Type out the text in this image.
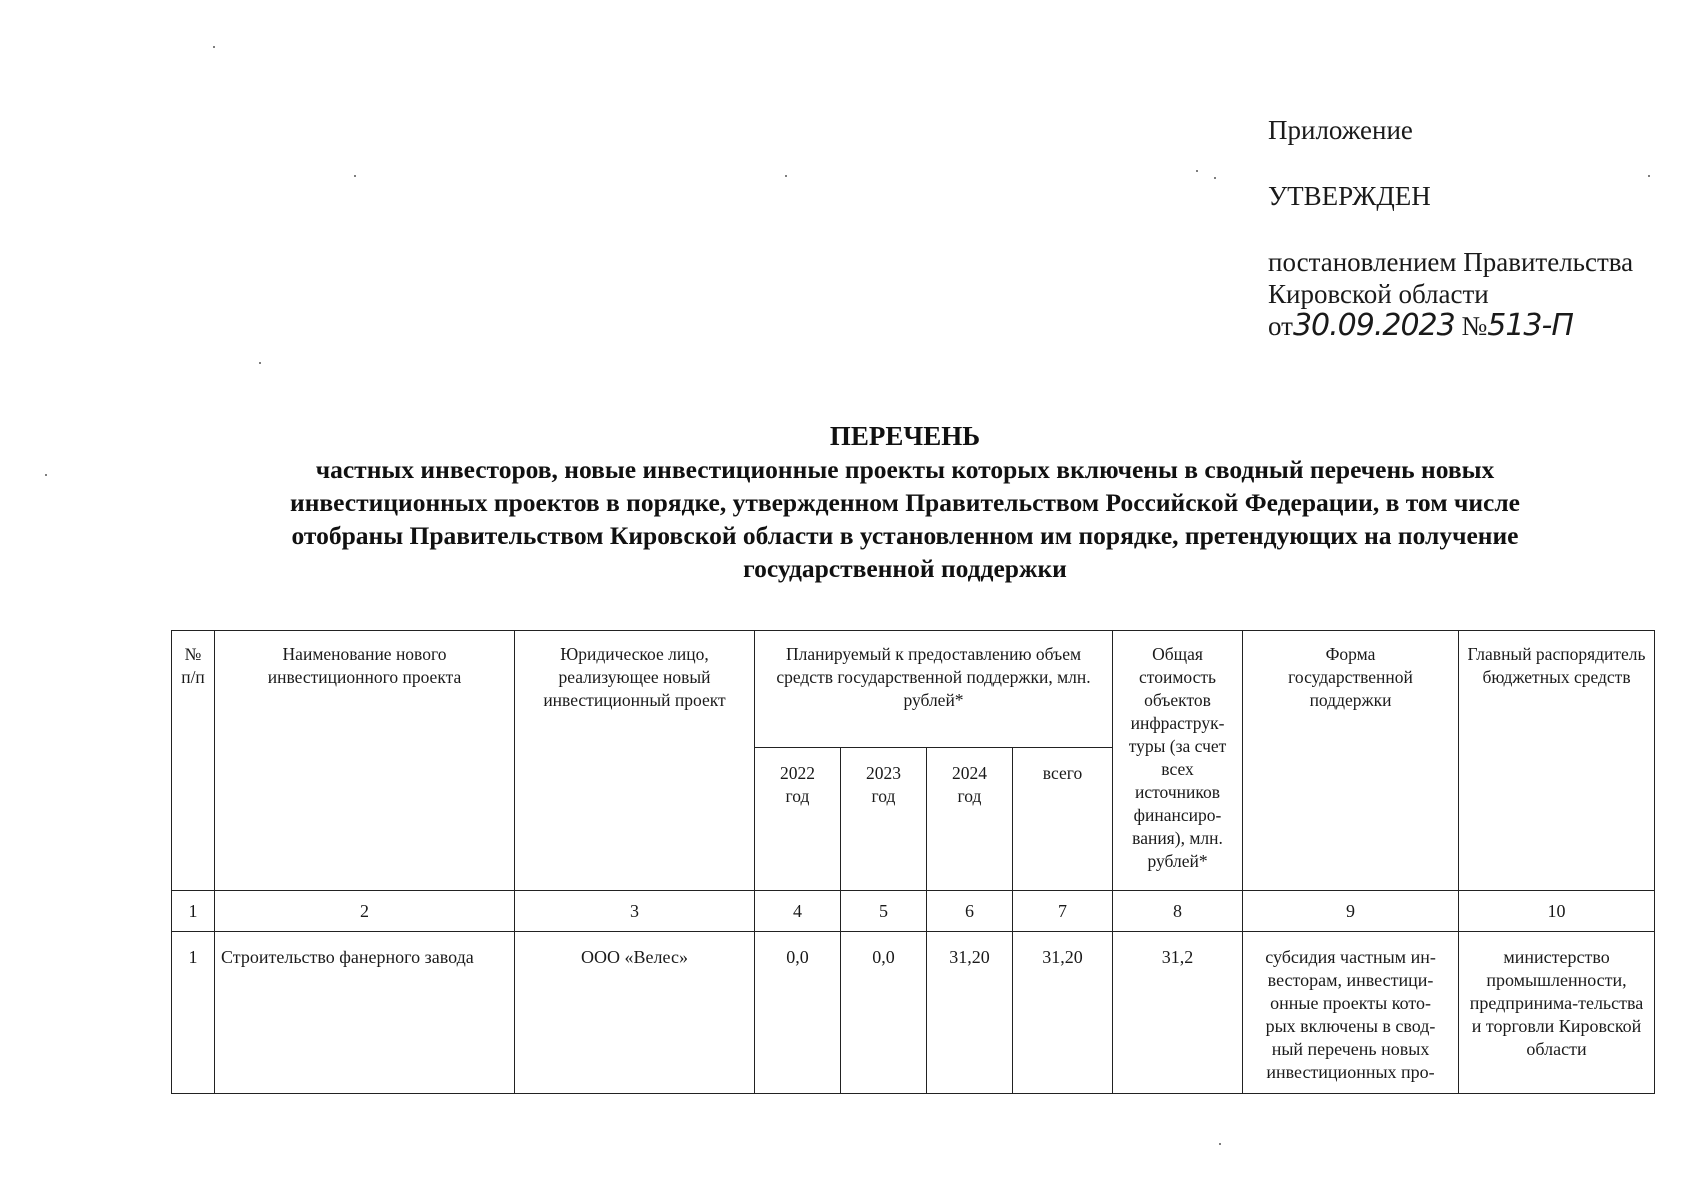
Приложение
УТВЕРЖДЕН
постановлением Правительства
Кировской области
от30.09.2023 №513-П
ПЕРЕЧЕНЬ
частных инвесторов, новые инвестиционные проекты которых включены в сводный перечень новых
инвестиционных проектов в порядке, утвержденном Правительством Российской Федерации, в том числе
отобраны Правительством Кировской области в установленном им порядке, претендующих на получение
государственной поддержки
№ п/п	Наименование нового инвестиционного проекта	Юридическое лицо, реализующее новый инвестиционный проект	Планируемый к предоставлению объем средств государственной поддержки, млн. рублей*				Общая стоимость объектов инфраструк-туры (за счет всех источников финансиро-вания), млн. рублей*	Форма государственной поддержки	Главный распорядитель бюджетных средств

			2022 год	2023 год	2024 год	всего			
1	2	3	4	5	6	7	8	9	10
1	Строительство фанерного завода	ООО «Велес»	0,0	0,0	31,20	31,20	31,2	субсидия частным ин-весторам, инвестици-онные проекты кото-рых включены в свод-ный перечень новых инвестиционных про-	министерство промышленности, предпринима-тельства и торговли Кировской области
